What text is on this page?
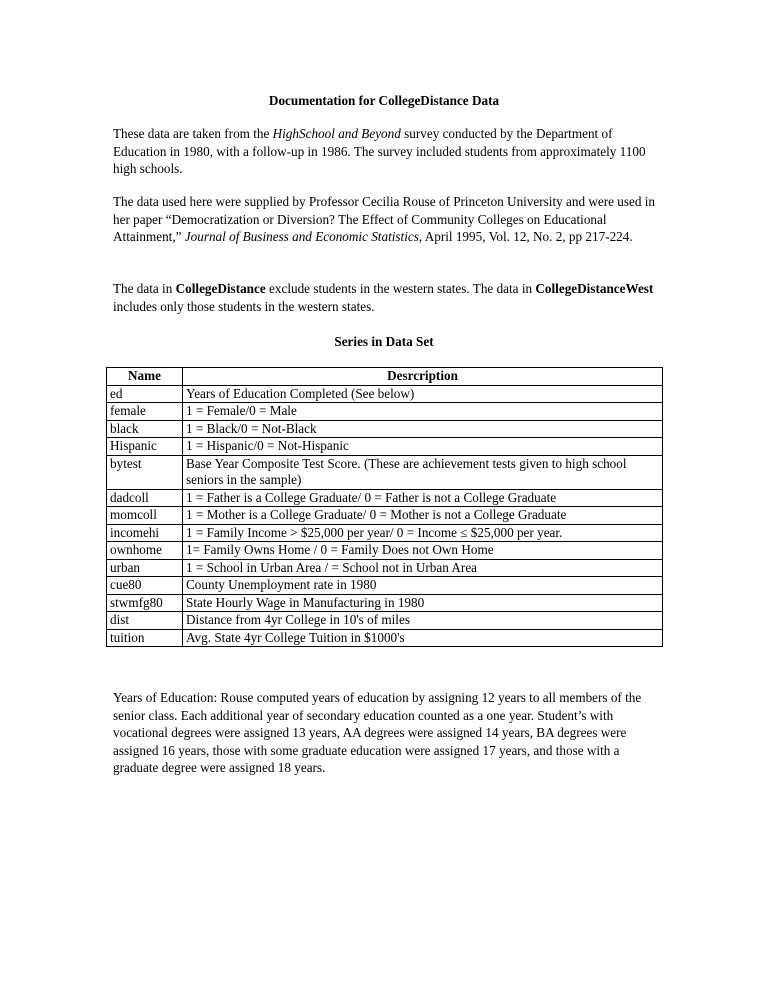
Documentation for CollegeDistance Data

These data are taken from the HighSchool and Beyond survey conducted by the Department of Education in 1980, with a follow-up in 1986. The survey included students from approximately 1100 high schools.

The data used here were supplied by Professor Cecilia Rouse of Princeton University and were used in her paper “Democratization or Diversion? The Effect of Community Colleges on Educational Attainment,” Journal of Business and Economic Statistics, April 1995, Vol. 12, No. 2, pp 217-224.

The data in CollegeDistance exclude students in the western states. The data in CollegeDistanceWest includes only those students in the western states.

Series in Data Set
Name	Desrcription
ed	Years of Education Completed (See below)
female	1 = Female/0 = Male
black	1 = Black/0 = Not-Black
Hispanic	1 = Hispanic/0 = Not-Hispanic
bytest	Base Year Composite Test Score. (These are achievement tests given to high school seniors in the sample)
dadcoll	1 = Father is a College Graduate/ 0 = Father is not a College Graduate
momcoll	1 = Mother is a College Graduate/ 0 = Mother is not a College Graduate
incomehi	1 = Family Income > $25,000 per year/ 0 = Income ≤ $25,000 per year.
ownhome	1= Family Owns Home / 0 = Family Does not Own Home
urban	1 = School in Urban Area / = School not in Urban Area
cue80	County Unemployment rate in 1980
stwmfg80	State Hourly Wage in Manufacturing in 1980
dist	Distance from 4yr College in 10's of miles
tuition	Avg. State 4yr College Tuition in $1000's

Years of Education: Rouse computed years of education by assigning 12 years to all members of the senior class. Each additional year of secondary education counted as a one year. Student’s with vocational degrees were assigned 13 years, AA degrees were assigned 14 years, BA degrees were assigned 16 years, those with some graduate education were assigned 17 years, and those with a graduate degree were assigned 18 years.
